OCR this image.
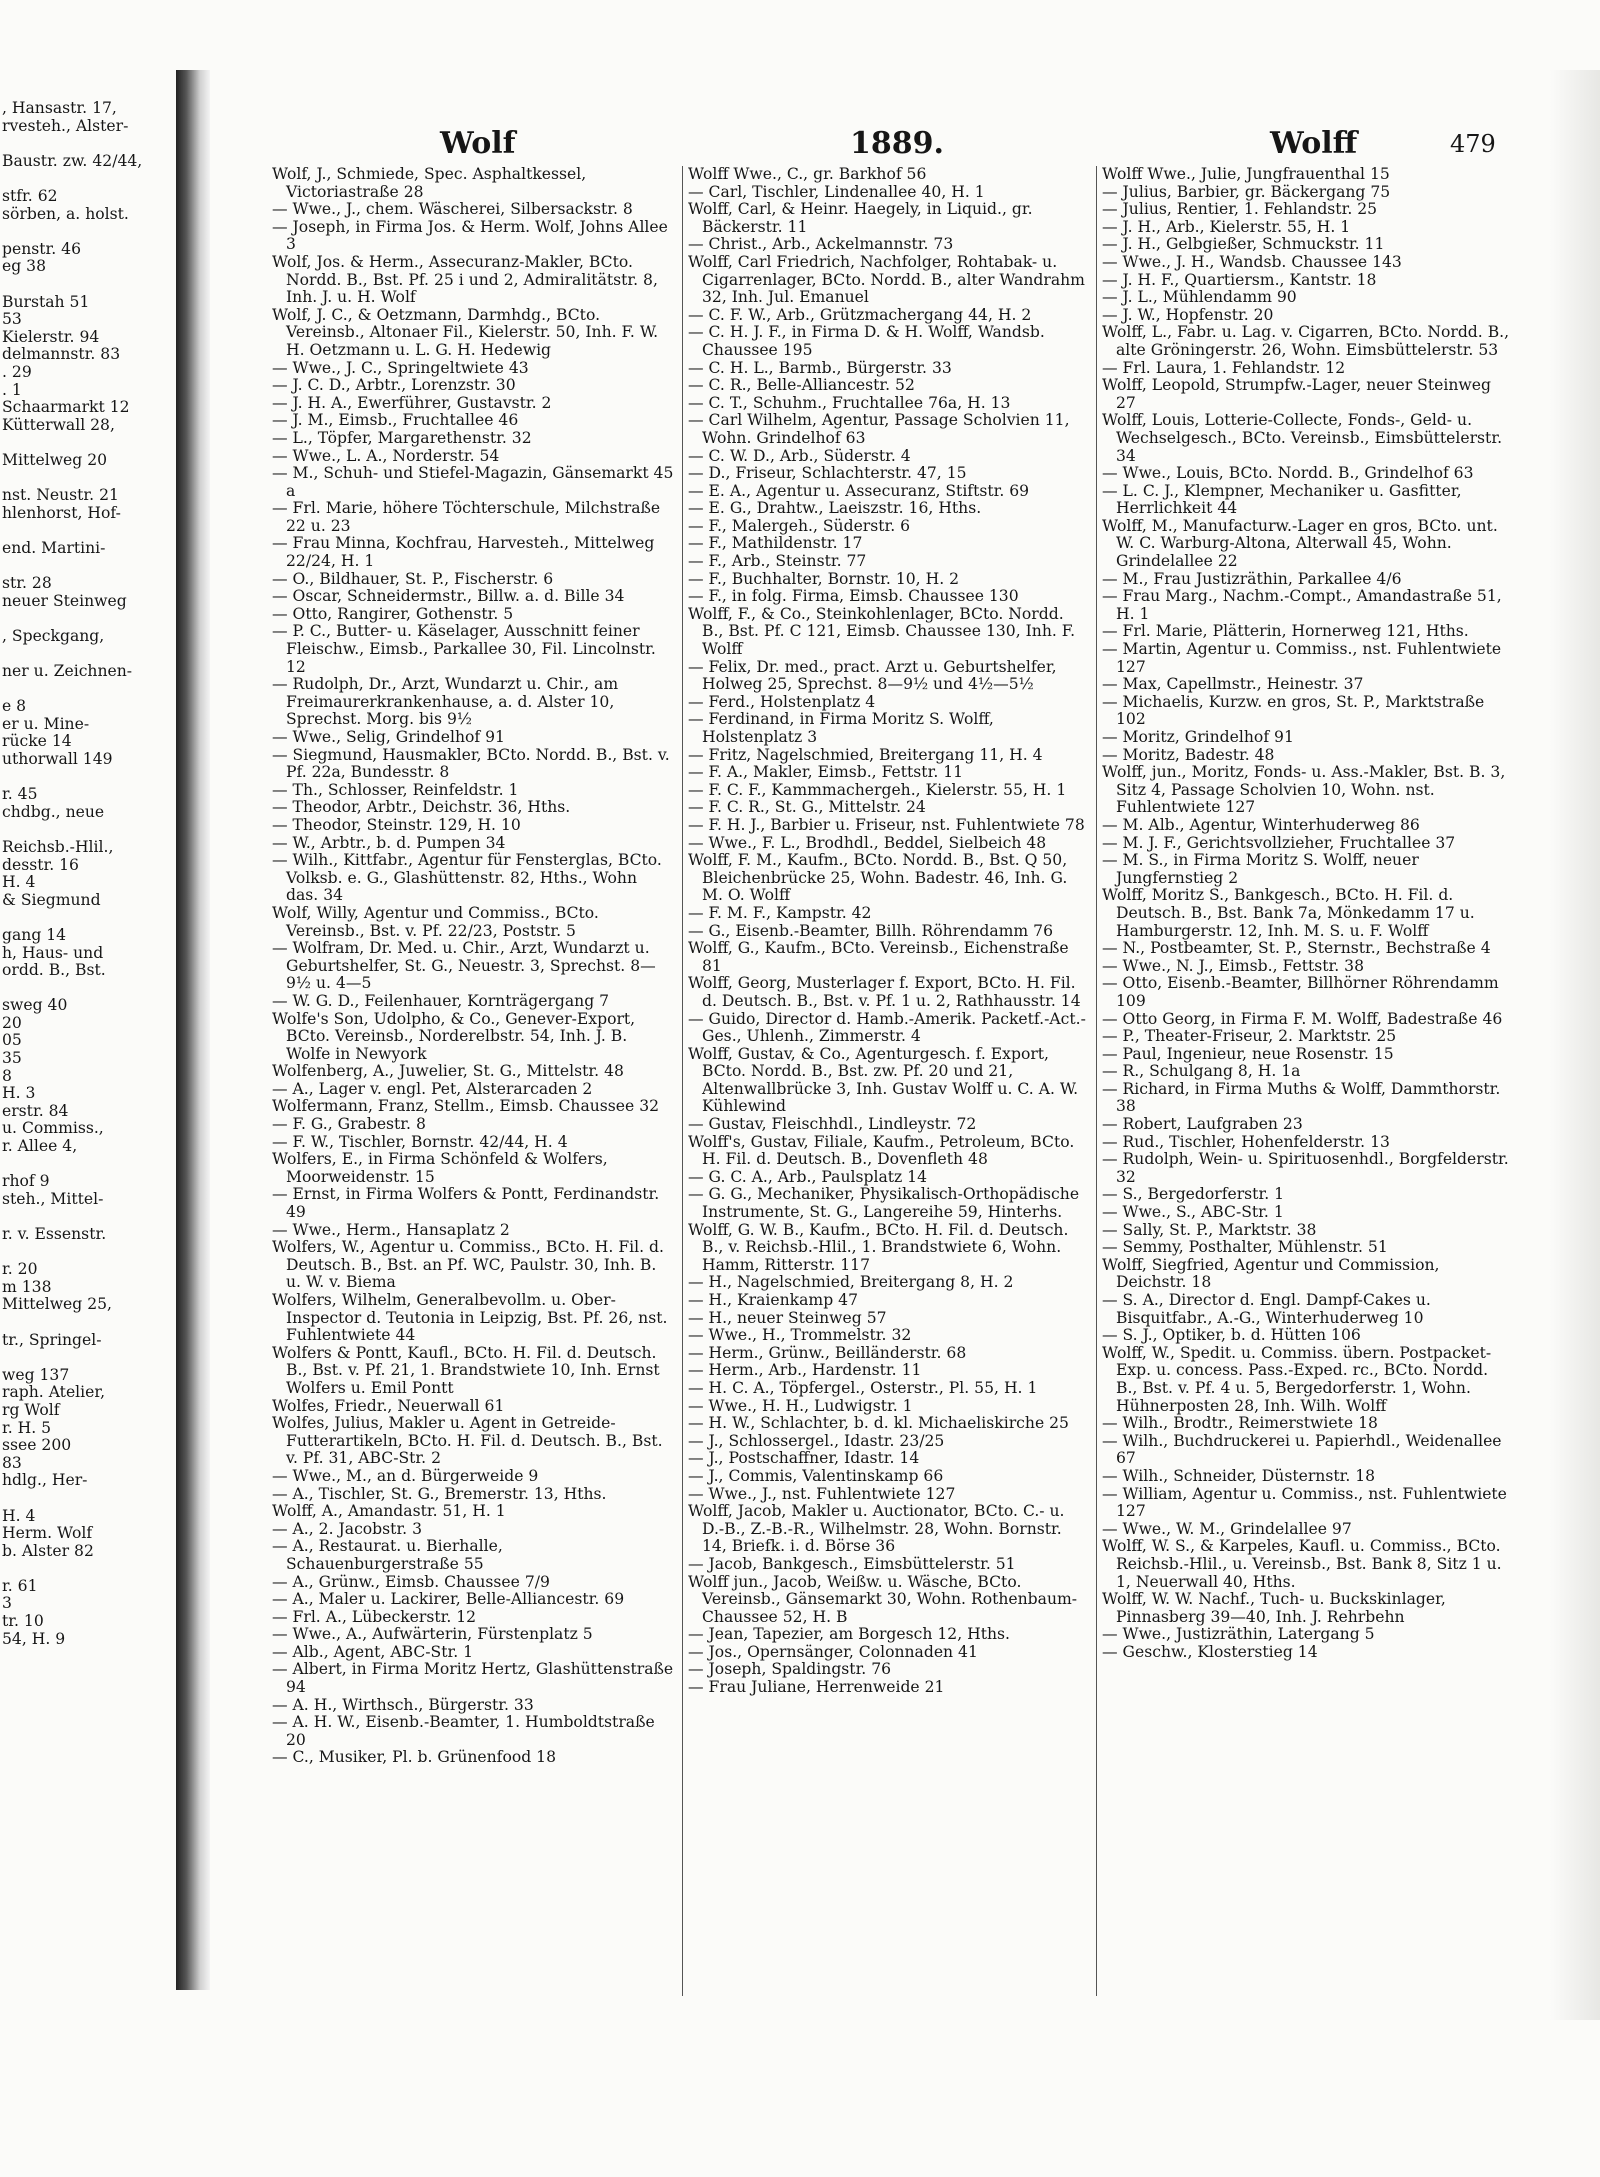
, Hansastr. 17,
rvesteh., Alster-

Baustr. zw. 42/44,

stfr. 62
sörben, a. holst.

penstr. 46
eg 38

Burstah 51
53
Kielerstr. 94
delmannstr. 83
. 29
. 1
Schaarmarkt 12
Kütterwall 28,

Mittelweg 20

nst. Neustr. 21
hlenhorst, Hof-

end. Martini-

str. 28
neuer Steinweg

, Speckgang,

ner u. Zeichnen-

e 8
er u. Mine-
rücke 14
uthorwall 149

r. 45
chdbg., neue

Reichsb.-Hlil.,
desstr. 16
H. 4
& Siegmund

gang 14
h, Haus- und
ordd. B., Bst.

sweg 40
20
05
35
8
H. 3
erstr. 84
u. Commiss.,
r. Allee 4,

rhof 9
steh., Mittel-

r. v. Essenstr.

r. 20
m 138
Mittelweg 25,

tr., Springel-

weg 137
raph. Atelier,
rg Wolf
r. H. 5
ssee 200
83
hdlg., Her-

H. 4
Herm. Wolf
b. Alster 82

r. 61
3
tr. 10
54, H. 9
Wolf	1889.	Wolff	479

Wolf, J., Schmiede, Spec. Asphaltkessel, Victoriastraße 28

— Wwe., J., chem. Wäscherei, Silbersackstr. 8

— Joseph, in Firma Jos. & Herm. Wolf, Johns Allee 3

Wolf, Jos. & Herm., Assecuranz-Makler, BCto. Nordd. B., Bst. Pf. 25 i und 2, Admiralitätstr. 8, Inh. J. u. H. Wolf

Wolf, J. C., & Oetzmann, Darmhdg., BCto. Vereinsb., Altonaer Fil., Kielerstr. 50, Inh. F. W. H. Oetzmann u. L. G. H. Hedewig

— Wwe., J. C., Springeltwiete 43

— J. C. D., Arbtr., Lorenzstr. 30

— J. H. A., Ewerführer, Gustavstr. 2

— J. M., Eimsb., Fruchtallee 46

— L., Töpfer, Margarethenstr. 32

— Wwe., L. A., Norderstr. 54

— M., Schuh- und Stiefel-Magazin, Gänsemarkt 45 a

— Frl. Marie, höhere Töchterschule, Milchstraße 22 u. 23

— Frau Minna, Kochfrau, Harvesteh., Mittelweg 22/24, H. 1

— O., Bildhauer, St. P., Fischerstr. 6

— Oscar, Schneidermstr., Billw. a. d. Bille 34

— Otto, Rangirer, Gothenstr. 5

— P. C., Butter- u. Käselager, Ausschnitt feiner Fleischw., Eimsb., Parkallee 30, Fil. Lincolnstr. 12

— Rudolph, Dr., Arzt, Wundarzt u. Chir., am Freimaurerkrankenhause, a. d. Alster 10, Sprechst. Morg. bis 9½

— Wwe., Selig, Grindelhof 91

— Siegmund, Hausmakler, BCto. Nordd. B., Bst. v. Pf. 22a, Bundesstr. 8

— Th., Schlosser, Reinfeldstr. 1

— Theodor, Arbtr., Deichstr. 36, Hths.

— Theodor, Steinstr. 129, H. 10

— W., Arbtr., b. d. Pumpen 34

— Wilh., Kittfabr., Agentur für Fensterglas, BCto. Volksb. e. G., Glashüttenstr. 82, Hths., Wohn das. 34

Wolf, Willy, Agentur und Commiss., BCto. Vereinsb., Bst. v. Pf. 22/23, Poststr. 5

— Wolfram, Dr. Med. u. Chir., Arzt, Wundarzt u. Geburtshelfer, St. G., Neuestr. 3, Sprechst. 8—9½ u. 4—5

— W. G. D., Feilenhauer, Kornträgergang 7

Wolfe's Son, Udolpho, & Co., Genever-Export, BCto. Vereinsb., Norderelbstr. 54, Inh. J. B. Wolfe in Newyork

Wolfenberg, A., Juwelier, St. G., Mittelstr. 48

— A., Lager v. engl. Pet, Alsterarcaden 2

Wolfermann, Franz, Stellm., Eimsb. Chaussee 32

— F. G., Grabestr. 8

— F. W., Tischler, Bornstr. 42/44, H. 4

Wolfers, E., in Firma Schönfeld & Wolfers, Moorweidenstr. 15

— Ernst, in Firma Wolfers & Pontt, Ferdinandstr. 49

— Wwe., Herm., Hansaplatz 2

Wolfers, W., Agentur u. Commiss., BCto. H. Fil. d. Deutsch. B., Bst. an Pf. WC, Paulstr. 30, Inh. B. u. W. v. Biema

Wolfers, Wilhelm, Generalbevollm. u. Ober-Inspector d. Teutonia in Leipzig, Bst. Pf. 26, nst. Fuhlentwiete 44

Wolfers & Pontt, Kaufl., BCto. H. Fil. d. Deutsch. B., Bst. v. Pf. 21, 1. Brandstwiete 10, Inh. Ernst Wolfers u. Emil Pontt

Wolfes, Friedr., Neuerwall 61

Wolfes, Julius, Makler u. Agent in Getreide- Futterartikeln, BCto. H. Fil. d. Deutsch. B., Bst. v. Pf. 31, ABC-Str. 2

— Wwe., M., an d. Bürgerweide 9

— A., Tischler, St. G., Bremerstr. 13, Hths.

Wolff, A., Amandastr. 51, H. 1

— A., 2. Jacobstr. 3

— A., Restaurat. u. Bierhalle, Schauenburgerstraße 55

— A., Grünw., Eimsb. Chaussee 7/9

— A., Maler u. Lackirer, Belle-Alliancestr. 69

— Frl. A., Lübeckerstr. 12

— Wwe., A., Aufwärterin, Fürstenplatz 5

— Alb., Agent, ABC-Str. 1

— Albert, in Firma Moritz Hertz, Glashüttenstraße 94

— A. H., Wirthsch., Bürgerstr. 33

— A. H. W., Eisenb.-Beamter, 1. Humboldtstraße 20

— C., Musiker, Pl. b. Grünenfood 18

Wolff Wwe., C., gr. Barkhof 56

— Carl, Tischler, Lindenallee 40, H. 1

Wolff, Carl, & Heinr. Haegely, in Liquid., gr. Bäckerstr. 11

— Christ., Arb., Ackelmannstr. 73

Wolff, Carl Friedrich, Nachfolger, Rohtabak- u. Cigarrenlager, BCto. Nordd. B., alter Wandrahm 32, Inh. Jul. Emanuel

— C. F. W., Arb., Grützmachergang 44, H. 2

— C. H. J. F., in Firma D. & H. Wolff, Wandsb. Chaussee 195

— C. H. L., Barmb., Bürgerstr. 33

— C. R., Belle-Alliancestr. 52

— C. T., Schuhm., Fruchtallee 76a, H. 13

— Carl Wilhelm, Agentur, Passage Scholvien 11, Wohn. Grindelhof 63

— C. W. D., Arb., Süderstr. 4

— D., Friseur, Schlachterstr. 47, 15

— E. A., Agentur u. Assecuranz, Stiftstr. 69

— E. G., Drahtw., Laeiszstr. 16, Hths.

— F., Malergeh., Süderstr. 6

— F., Mathildenstr. 17

— F., Arb., Steinstr. 77

— F., Buchhalter, Bornstr. 10, H. 2

— F., in folg. Firma, Eimsb. Chaussee 130

Wolff, F., & Co., Steinkohlenlager, BCto. Nordd. B., Bst. Pf. C 121, Eimsb. Chaussee 130, Inh. F. Wolff

— Felix, Dr. med., pract. Arzt u. Geburtshelfer, Holweg 25, Sprechst. 8—9½ und 4½—5½

— Ferd., Holstenplatz 4

— Ferdinand, in Firma Moritz S. Wolff, Holstenplatz 3

— Fritz, Nagelschmied, Breitergang 11, H. 4

— F. A., Makler, Eimsb., Fettstr. 11

— F. C. F., Kammmachergeh., Kielerstr. 55, H. 1

— F. C. R., St. G., Mittelstr. 24

— F. H. J., Barbier u. Friseur, nst. Fuhlentwiete 78

— Wwe., F. L., Brodhdl., Beddel, Sielbeich 48

Wolff, F. M., Kaufm., BCto. Nordd. B., Bst. Q 50, Bleichenbrücke 25, Wohn. Badestr. 46, Inh. G. M. O. Wolff

— F. M. F., Kampstr. 42

— G., Eisenb.-Beamter, Billh. Röhrendamm 76

Wolff, G., Kaufm., BCto. Vereinsb., Eichenstraße 81

Wolff, Georg, Musterlager f. Export, BCto. H. Fil. d. Deutsch. B., Bst. v. Pf. 1 u. 2, Rathhausstr. 14

— Guido, Director d. Hamb.-Amerik. Packetf.-Act.-Ges., Uhlenh., Zimmerstr. 4

Wolff, Gustav, & Co., Agenturgesch. f. Export, BCto. Nordd. B., Bst. zw. Pf. 20 und 21, Altenwallbrücke 3, Inh. Gustav Wolff u. C. A. W. Kühlewind

— Gustav, Fleischhdl., Lindleystr. 72

Wolff's, Gustav, Filiale, Kaufm., Petroleum, BCto. H. Fil. d. Deutsch. B., Dovenfleth 48

— G. C. A., Arb., Paulsplatz 14

— G. G., Mechaniker, Physikalisch-Orthopädische Instrumente, St. G., Langereihe 59, Hinterhs.

Wolff, G. W. B., Kaufm., BCto. H. Fil. d. Deutsch. B., v. Reichsb.-Hlil., 1. Brandstwiete 6, Wohn. Hamm, Ritterstr. 117

— H., Nagelschmied, Breitergang 8, H. 2

— H., Kraienkamp 47

— H., neuer Steinweg 57

— Wwe., H., Trommelstr. 32

— Herm., Grünw., Beilländerstr. 68

— Herm., Arb., Hardenstr. 11

— H. C. A., Töpfergel., Osterstr., Pl. 55, H. 1

— Wwe., H. H., Ludwigstr. 1

— H. W., Schlachter, b. d. kl. Michaeliskirche 25

— J., Schlossergel., Idastr. 23/25

— J., Postschaffner, Idastr. 14

— J., Commis, Valentinskamp 66

— Wwe., J., nst. Fuhlentwiete 127

Wolff, Jacob, Makler u. Auctionator, BCto. C.- u. D.-B., Z.-B.-R., Wilhelmstr. 28, Wohn. Bornstr. 14, Briefk. i. d. Börse 36

— Jacob, Bankgesch., Eimsbüttelerstr. 51

Wolff jun., Jacob, Weißw. u. Wäsche, BCto. Vereinsb., Gänsemarkt 30, Wohn. Rothenbaum-Chaussee 52, H. B

— Jean, Tapezier, am Borgesch 12, Hths.

— Jos., Opernsänger, Colonnaden 41

— Joseph, Spaldingstr. 76

— Frau Juliane, Herrenweide 21

Wolff Wwe., Julie, Jungfrauenthal 15

— Julius, Barbier, gr. Bäckergang 75

— Julius, Rentier, 1. Fehlandstr. 25

— J. H., Arb., Kielerstr. 55, H. 1

— J. H., Gelbgießer, Schmuckstr. 11

— Wwe., J. H., Wandsb. Chaussee 143

— J. H. F., Quartiersm., Kantstr. 18

— J. L., Mühlendamm 90

— J. W., Hopfenstr. 20

Wolff, L., Fabr. u. Lag. v. Cigarren, BCto. Nordd. B., alte Gröningerstr. 26, Wohn. Eimsbüttelerstr. 53

— Frl. Laura, 1. Fehlandstr. 12

Wolff, Leopold, Strumpfw.-Lager, neuer Steinweg 27

Wolff, Louis, Lotterie-Collecte, Fonds-, Geld- u. Wechselgesch., BCto. Vereinsb., Eimsbüttelerstr. 34

— Wwe., Louis, BCto. Nordd. B., Grindelhof 63

— L. C. J., Klempner, Mechaniker u. Gasfitter, Herrlichkeit 44

Wolff, M., Manufacturw.-Lager en gros, BCto. unt. W. C. Warburg-Altona, Alterwall 45, Wohn. Grindelallee 22

— M., Frau Justizräthin, Parkallee 4/6

— Frau Marg., Nachm.-Compt., Amandastraße 51, H. 1

— Frl. Marie, Plätterin, Hornerweg 121, Hths.

— Martin, Agentur u. Commiss., nst. Fuhlentwiete 127

— Max, Capellmstr., Heinestr. 37

— Michaelis, Kurzw. en gros, St. P., Marktstraße 102

— Moritz, Grindelhof 91

— Moritz, Badestr. 48

Wolff, jun., Moritz, Fonds- u. Ass.-Makler, Bst. B. 3, Sitz 4, Passage Scholvien 10, Wohn. nst. Fuhlentwiete 127

— M. Alb., Agentur, Winterhuderweg 86

— M. J. F., Gerichtsvollzieher, Fruchtallee 37

— M. S., in Firma Moritz S. Wolff, neuer Jungfernstieg 2

Wolff, Moritz S., Bankgesch., BCto. H. Fil. d. Deutsch. B., Bst. Bank 7a, Mönkedamm 17 u. Hamburgerstr. 12, Inh. M. S. u. F. Wolff

— N., Postbeamter, St. P., Sternstr., Bechstraße 4

— Wwe., N. J., Eimsb., Fettstr. 38

— Otto, Eisenb.-Beamter, Billhörner Röhrendamm 109

— Otto Georg, in Firma F. M. Wolff, Badestraße 46

— P., Theater-Friseur, 2. Marktstr. 25

— Paul, Ingenieur, neue Rosenstr. 15

— R., Schulgang 8, H. 1a

— Richard, in Firma Muths & Wolff, Dammthorstr. 38

— Robert, Laufgraben 23

— Rud., Tischler, Hohenfelderstr. 13

— Rudolph, Wein- u. Spirituosenhdl., Borgfelderstr. 32

— S., Bergedorferstr. 1

— Wwe., S., ABC-Str. 1

— Sally, St. P., Marktstr. 38

— Semmy, Posthalter, Mühlenstr. 51

Wolff, Siegfried, Agentur und Commission, Deichstr. 18

— S. A., Director d. Engl. Dampf-Cakes u. Bisquitfabr., A.-G., Winterhuderweg 10

— S. J., Optiker, b. d. Hütten 106

Wolff, W., Spedit. u. Commiss. übern. Postpacket-Exp. u. concess. Pass.-Exped. rc., BCto. Nordd. B., Bst. v. Pf. 4 u. 5, Bergedorferstr. 1, Wohn. Hühnerposten 28, Inh. Wilh. Wolff

— Wilh., Brodtr., Reimerstwiete 18

— Wilh., Buchdruckerei u. Papierhdl., Weidenallee 67

— Wilh., Schneider, Düsternstr. 18

— William, Agentur u. Commiss., nst. Fuhlentwiete 127

— Wwe., W. M., Grindelallee 97

Wolff, W. S., & Karpeles, Kaufl. u. Commiss., BCto. Reichsb.-Hlil., u. Vereinsb., Bst. Bank 8, Sitz 1 u. 1, Neuerwall 40, Hths.

Wolff, W. W. Nachf., Tuch- u. Buckskinlager, Pinnasberg 39—40, Inh. J. Rehrbehn

— Wwe., Justizräthin, Latergang 5

— Geschw., Klosterstieg 14
